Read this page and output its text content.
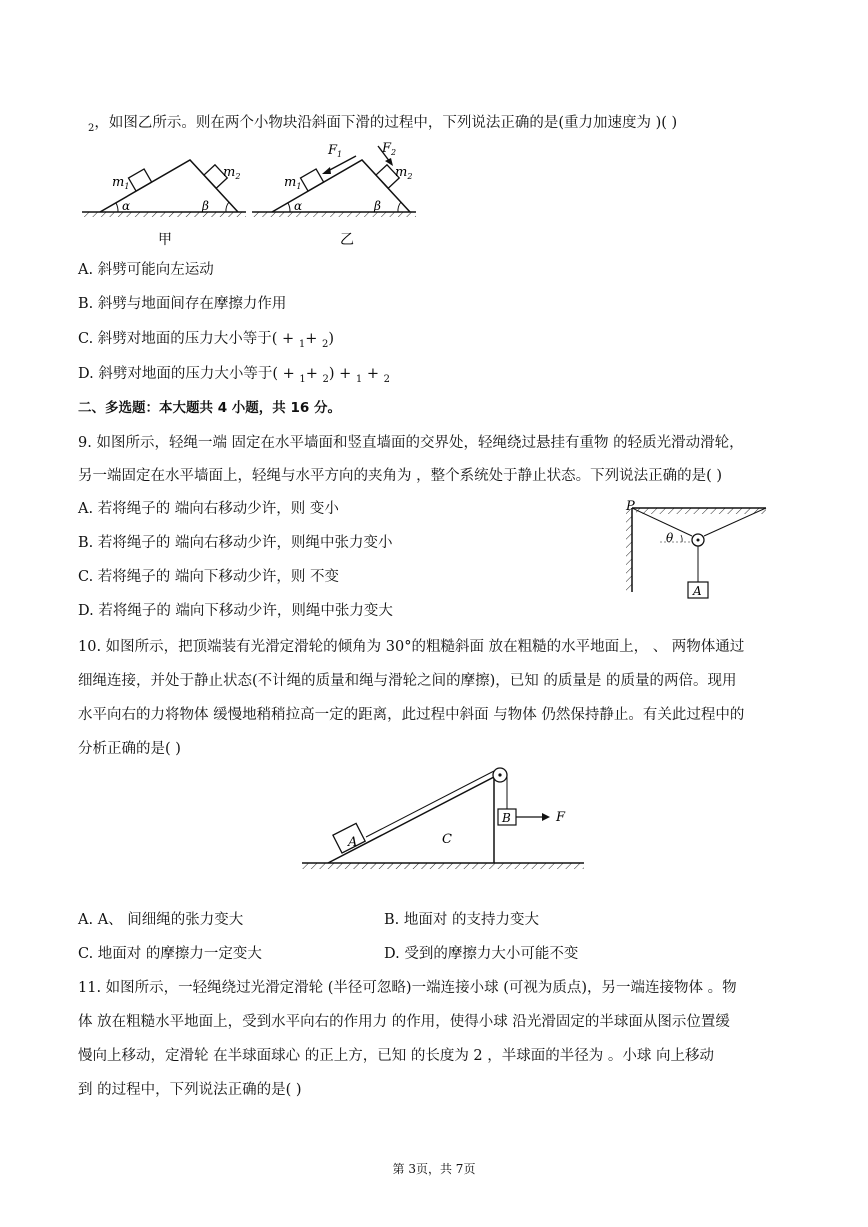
$_2$，如图乙所示。则在两个小物块沿斜面下滑的过程中，下列说法正确的是(重力加速度为 )( )
$m_1$
$m_2$
α	β
甲
$F_1$	$F_2$
$m_1$
$m_2$
α	β
乙
A. 斜劈可能向左运动
B. 斜劈与地面间存在摩擦力作用
C. 斜劈对地面的压力大小等于( + $_1$+ $_2$)
D. 斜劈对地面的压力大小等于( + $_1$+ $_2$) + $_1$ + $_2$
二、多选题：本大题共 4 小题，共 16 分。
9. 如图所示，轻绳一端 固定在水平墙面和竖直墙面的交界处，轻绳绕过悬挂有重物 的轻质光滑动滑轮，
另一端固定在水平墙面上，轻绳与水平方向的夹角为 ，整个系统处于静止状态。下列说法正确的是( )
A. 若将绳子的 端向右移动少许，则 变小
B. 若将绳子的 端向右移动少许，则绳中张力变小
C. 若将绳子的 端向下移动少许，则 不变
D. 若将绳子的 端向下移动少许，则绳中张力变大
P
θ
A
10. 如图所示，把顶端装有光滑定滑轮的倾角为 30°的粗糙斜面 放在粗糙的水平地面上， 、 两物体通过
细绳连接，并处于静止状态(不计绳的质量和绳与滑轮之间的摩擦)，已知 的质量是 的质量的两倍。现用
水平向右的力将物体 缓慢地稍稍拉高一定的距离，此过程中斜面 与物体 仍然保持静止。有关此过程中的
分析正确的是( )
A
B
C
F
A. A、 间细绳的张力变大	B. 地面对 的支持力变大
C. 地面对 的摩擦力一定变大	D. 受到的摩擦力大小可能不变
11. 如图所示，一轻绳绕过光滑定滑轮 (半径可忽略)一端连接小球 (可视为质点)，另一端连接物体 。物
体 放在粗糙水平地面上，受到水平向右的作用力 的作用，使得小球 沿光滑固定的半球面从图示位置缓
慢向上移动，定滑轮 在半球面球心 的正上方，已知 的长度为 2 ，半球面的半径为 。小球 向上移动
到 的过程中，下列说法正确的是( )
第 3页，共 7页
